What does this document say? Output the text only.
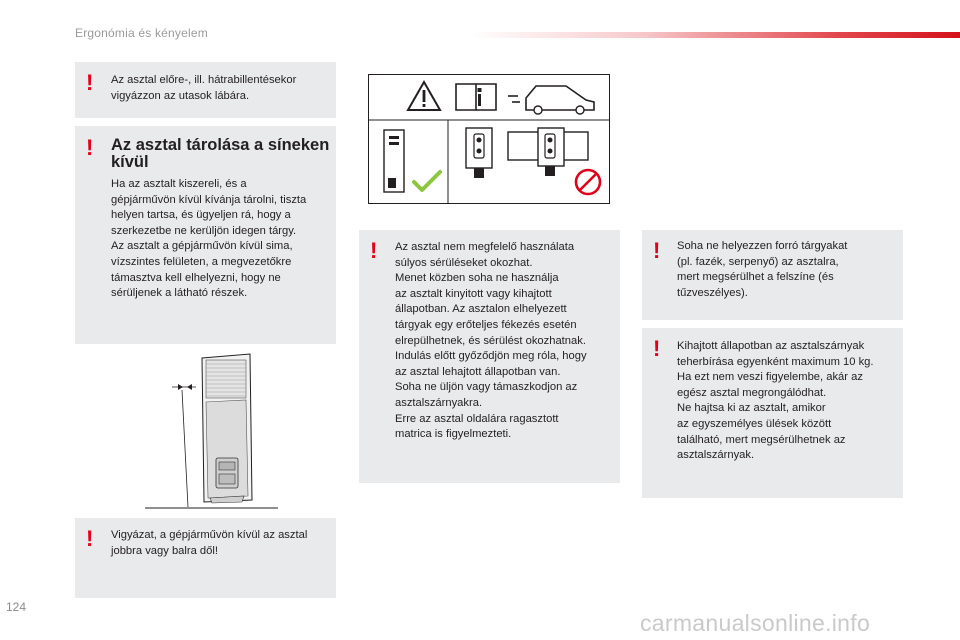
Ergonómia és kényelem
! Az asztal előre-, ill. hátrabillentésekor vigyázzon az utasok lábára.
! Az asztal tárolása a síneken
kívül
Ha az asztalt kiszereli, és a
gépjárművön kívül kívánja tárolni, tiszta
helyen tartsa, és ügyeljen rá, hogy a
szerkezetbe ne kerüljön idegen tárgy.
Az asztalt a gépjárművön kívül sima,
vízszintes felületen, a megvezetőkre
támasztva kell elhelyezni, hogy ne
sérüljenek a látható részek.
! Vigyázat, a gépjárművön kívül az asztal
jobbra vagy balra dől!
! Az asztal nem megfelelő használata
súlyos sérüléseket okozhat.
Menet közben soha ne használja
az asztalt kinyitott vagy kihajtott
állapotban. Az asztalon elhelyezett
tárgyak egy erőteljes fékezés esetén
elrepülhetnek, és sérülést okozhatnak.
Indulás előtt győződjön meg róla, hogy
az asztal lehajtott állapotban van.
Soha ne üljön vagy támaszkodjon az
asztalszárnyakra.
Erre az asztal oldalára ragasztott
matrica is figyelmezteti.
! Soha ne helyezzen forró tárgyakat
(pl. fazék, serpenyő) az asztalra,
mert megsérülhet a felszíne (és
tűzveszélyes).
! Kihajtott állapotban az asztalszárnyak
teherbírása egyenként maximum 10 kg.
Ha ezt nem veszi figyelembe, akár az
egész asztal megrongálódhat.
Ne hajtsa ki az asztalt, amikor
az egyszemélyes ülések között
található, mert megsérülhetnek az
asztalszárnyak.
124
carmanualsonline.info
